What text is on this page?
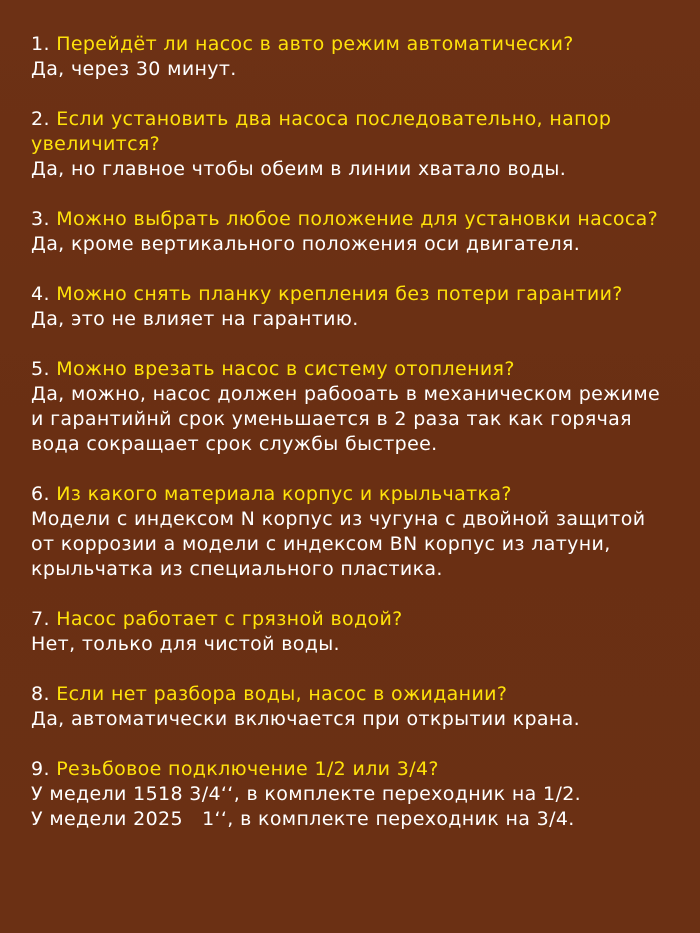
1. Перейдёт ли насос в авто режим автоматически?
Да, через 30 минут.
2. Если установить два насоса последовательно, напор увеличится?
Да, но главное чтобы обеим в линии хватало воды.
3. Можно выбрать любое положение для установки насоса?
Да, кроме вертикального положения оси двигателя.
4. Можно снять планку крепления без потери гарантии?
Да, это не влияет на гарантию.
5. Можно врезать насос в систему отопления?
Да, можно, насос должен рабооать в механическом режиме и гарантийнй срок уменьшается в 2 раза так как горячая вода сокращает срок службы быстрее.
6. Из какого материала корпус и крыльчатка?
Модели с индексом N корпус из чугуна с двойной защитой от коррозии а модели с индексом BN корпус из латуни, крыльчатка из специального пластика.
7. Насос работает с грязной водой?
Нет, только для чистой воды.
8. Если нет разбора воды, насос в ожидании?
Да, автоматически включается при открытии крана.
9. Резьбовое подключение 1/2 или 3/4?
У медели 1518 3/4‘‘, в комплекте переходник на 1/2.
У медели 2025   1‘‘, в комплекте переходник на 3/4.
